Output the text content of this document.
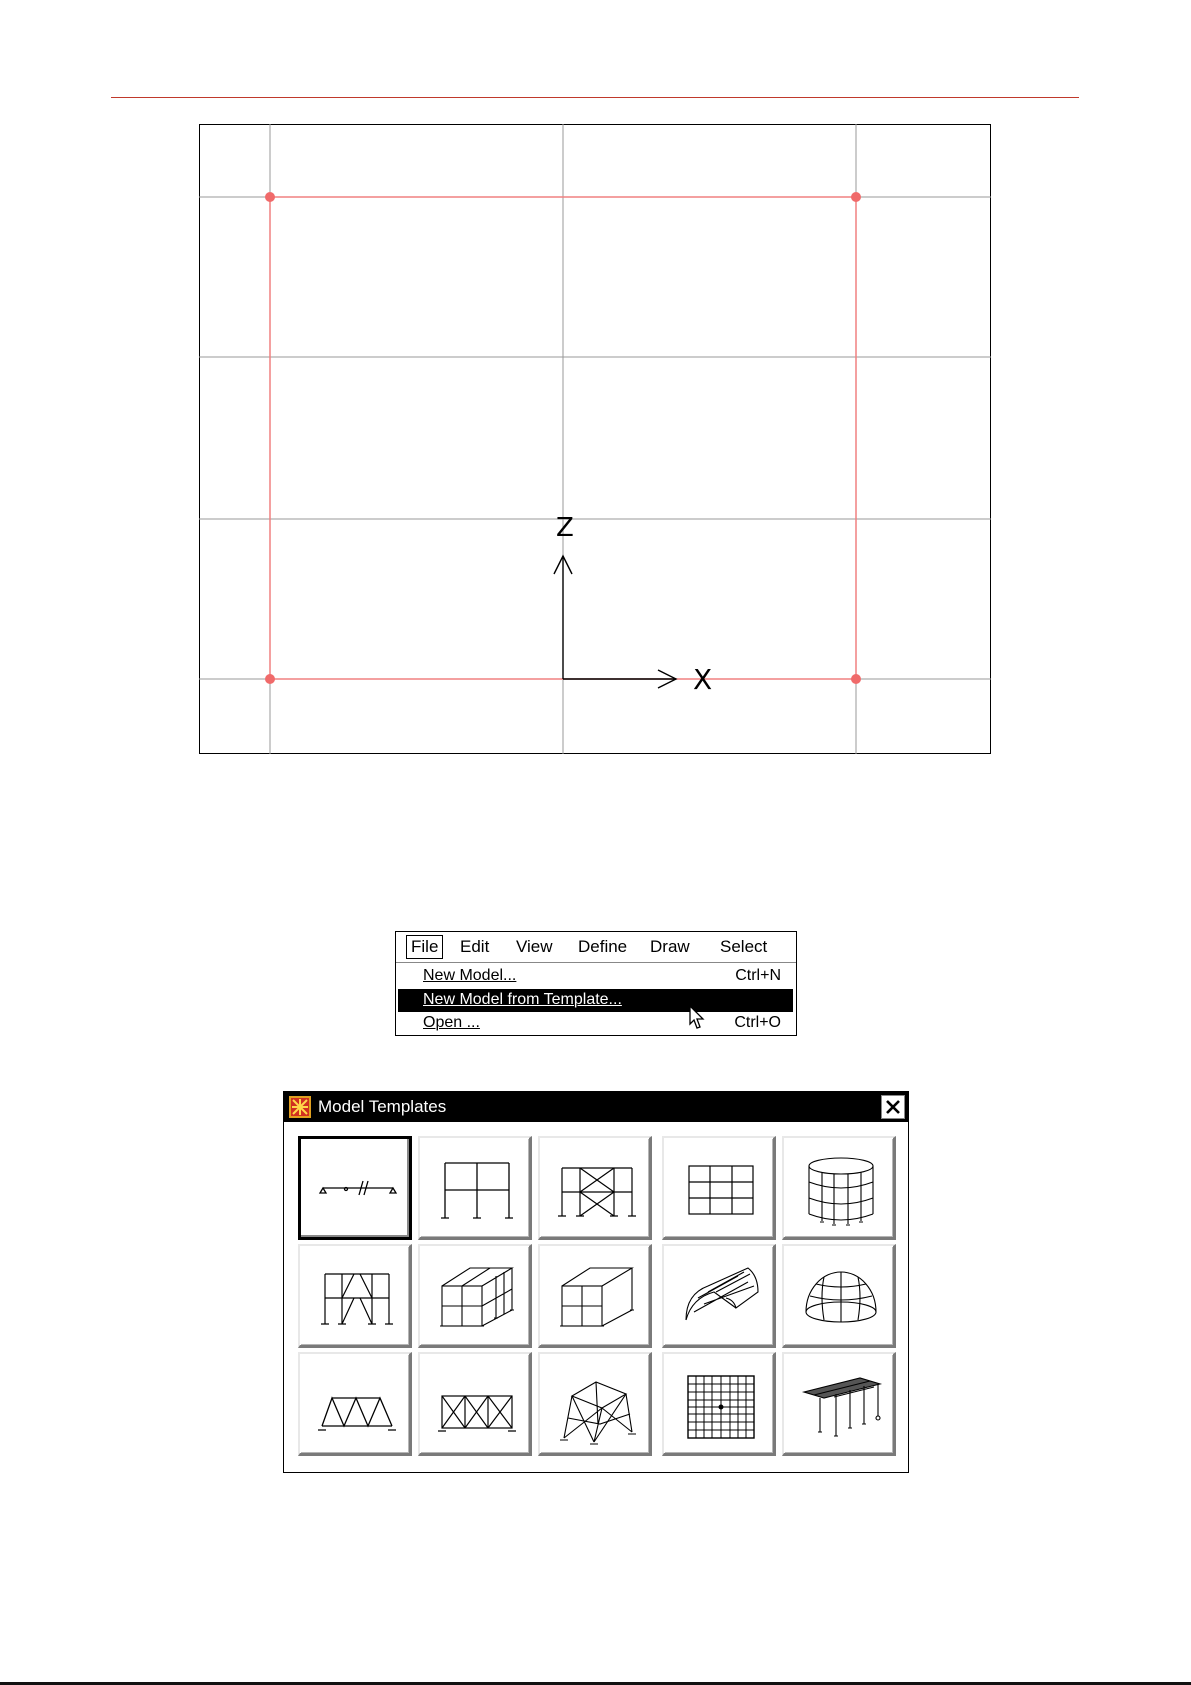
Z
X
File Edit View Define Draw Select
New Model...	Ctrl+N
New Model from Template...
Open ...	Ctrl+O
Model Templates
